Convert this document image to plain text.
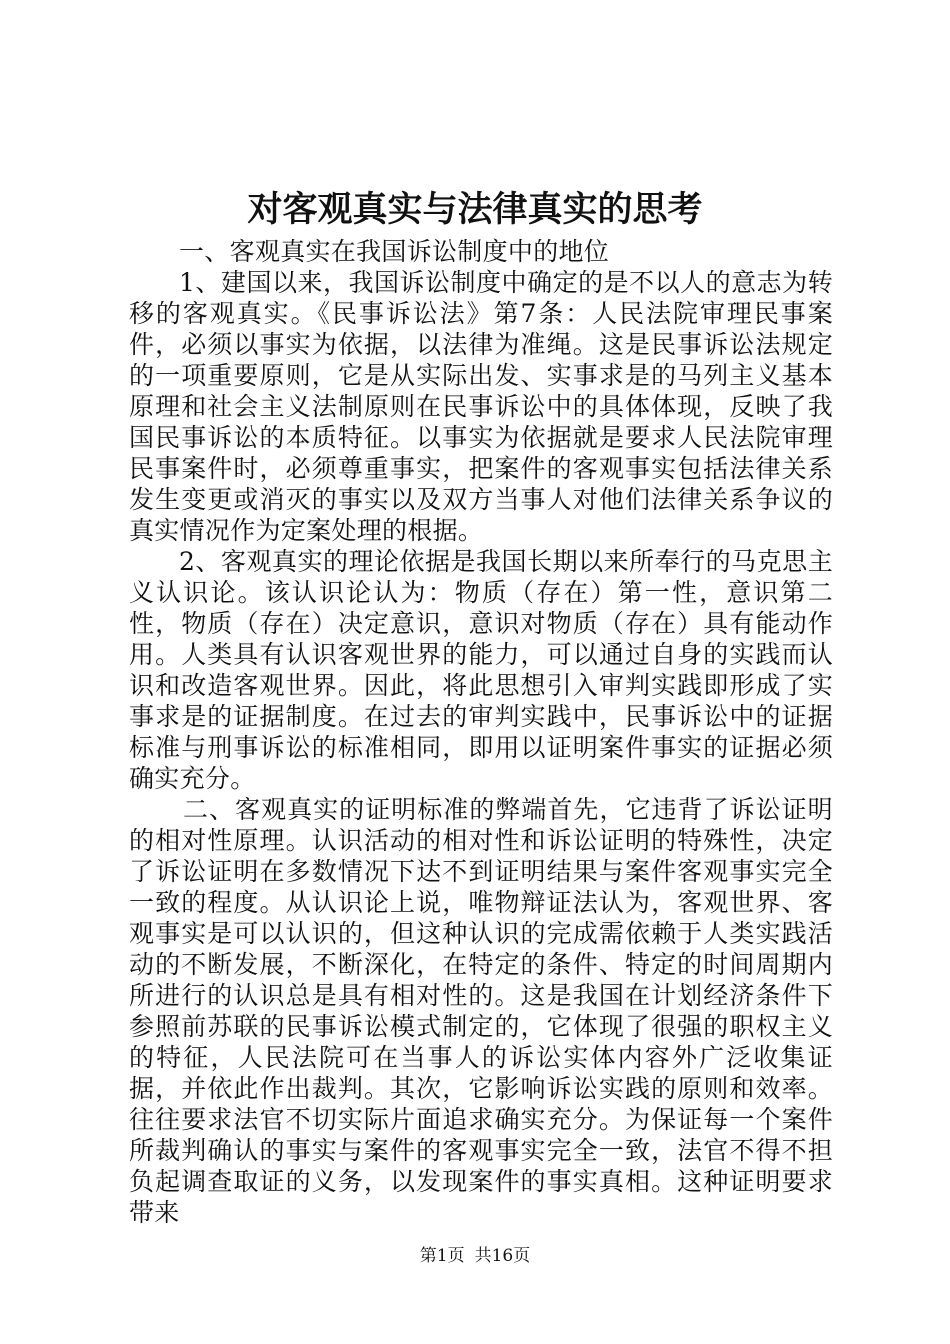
对客观真实与法律真实的思考

一、客观真实在我国诉讼制度中的地位

1、建国以来，我国诉讼制度中确定的是不以人的意志为转移的客观真实。《民事诉讼法》第7条：人民法院审理民事案件，必须以事实为依据，以法律为准绳。这是民事诉讼法规定的一项重要原则，它是从实际出发、实事求是的马列主义基本原理和社会主义法制原则在民事诉讼中的具体体现，反映了我国民事诉讼的本质特征。以事实为依据就是要求人民法院审理民事案件时，必须尊重事实，把案件的客观事实包括法律关系发生变更或消灭的事实以及双方当事人对他们法律关系争议的真实情况作为定案处理的根据。

2、客观真实的理论依据是我国长期以来所奉行的马克思主义认识论。该认识论认为：物质（存在）第一性，意识第二性，物质（存在）决定意识，意识对物质（存在）具有能动作用。人类具有认识客观世界的能力，可以通过自身的实践而认识和改造客观世界。因此，将此思想引入审判实践即形成了实事求是的证据制度。在过去的审判实践中，民事诉讼中的证据标准与刑事诉讼的标准相同，即用以证明案件事实的证据必须确实充分。

二、客观真实的证明标准的弊端首先，它违背了诉讼证明的相对性原理。认识活动的相对性和诉讼证明的特殊性，决定了诉讼证明在多数情况下达不到证明结果与案件客观事实完全一致的程度。从认识论上说，唯物辩证法认为，客观世界、客观事实是可以认识的，但这种认识的完成需依赖于人类实践活动的不断发展，不断深化，在特定的条件、特定的时间周期内所进行的认识总是具有相对性的。这是我国在计划经济条件下参照前苏联的民事诉讼模式制定的，它体现了很强的职权主义的特征，人民法院可在当事人的诉讼实体内容外广泛收集证据，并依此作出裁判。其次，它影响诉讼实践的原则和效率。往往要求法官不切实际片面追求确实充分。为保证每一个案件所裁判确认的事实与案件的客观事实完全一致，法官不得不担负起调查取证的义务，以发现案件的事实真相。这种证明要求带来

第1页 共16页
